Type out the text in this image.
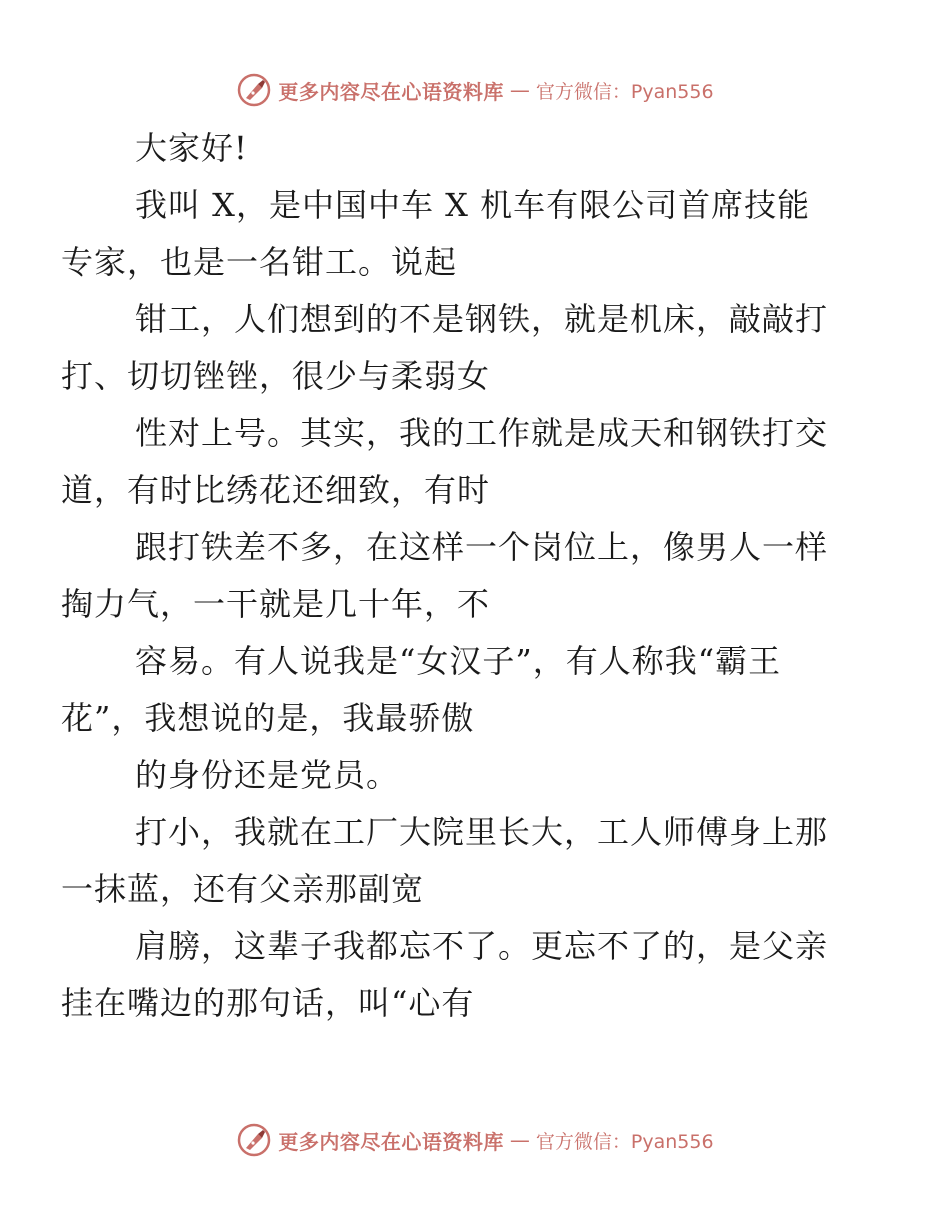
更多内容尽在心语资料库 — 官方微信：Pyan556

大家好!

我叫 X，是中国中车 X 机车有限公司首席技能
专家，也是一名钳工。说起

钳工，人们想到的不是钢铁，就是机床，敲敲打
打、切切锉锉，很少与柔弱女

性对上号。其实，我的工作就是成天和钢铁打交
道，有时比绣花还细致，有时

跟打铁差不多，在这样一个岗位上，像男人一样
掏力气，一干就是几十年，不

容易。有人说我是“女汉子”，有人称我“霸王
花”，我想说的是，我最骄傲

的身份还是党员。

打小，我就在工厂大院里长大，工人师傅身上那
一抹蓝，还有父亲那副宽

肩膀，这辈子我都忘不了。更忘不了的，是父亲
挂在嘴边的那句话，叫“心有

更多内容尽在心语资料库 — 官方微信：Pyan556
